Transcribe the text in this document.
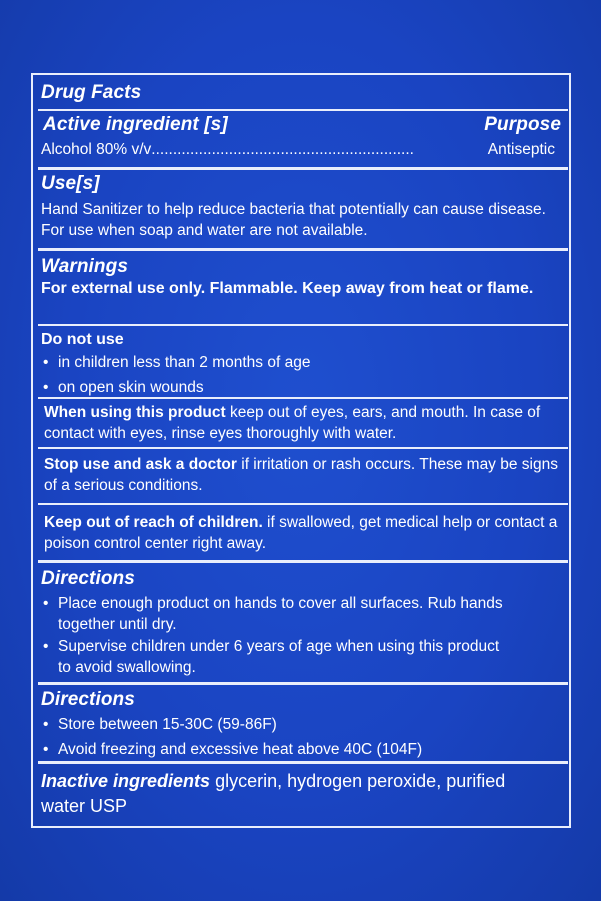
Drug Facts
Active ingredient [s]	Purpose
Alcohol 80% v/v .............................................................	Antiseptic
Use[s]
Hand Sanitizer to help reduce bacteria that potentially can cause disease. For use when soap and water are not available.
Warnings
For external use only. Flammable. Keep away from heat or flame.
Do not use
• in children less than 2 months of age
• on open skin wounds
When using this product keep out of eyes, ears, and mouth. In case of contact with eyes, rinse eyes thoroughly with water.
Stop use and ask a doctor if irritation or rash occurs. These may be signs of a serious conditions.
Keep out of reach of children. if swallowed, get medical help or contact a poison control center right away.
Directions
• Place enough product on hands to cover all surfaces. Rub hands together until dry.
• Supervise children under 6 years of age when using this product to avoid swallowing.
Directions
• Store between 15-30C (59-86F)
• Avoid freezing and excessive heat above 40C (104F)
Inactive ingredients glycerin, hydrogen peroxide, purified water USP
